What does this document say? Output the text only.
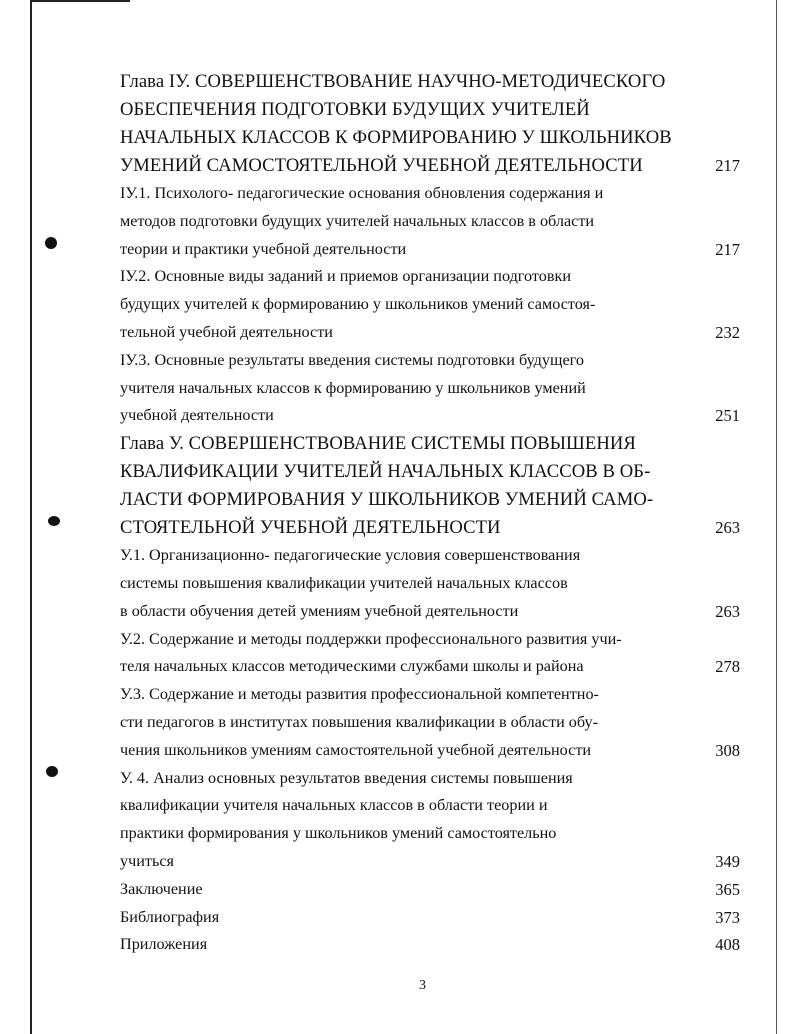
Глава IУ. СОВЕРШЕНСТВОВАНИЕ НАУЧНО-МЕТОДИЧЕСКОГО
ОБЕСПЕЧЕНИЯ ПОДГОТОВКИ БУДУЩИХ УЧИТЕЛЕЙ
НАЧАЛЬНЫХ КЛАССОВ К ФОРМИРОВАНИЮ У ШКОЛЬНИКОВ
УМЕНИЙ САМОСТОЯТЕЛЬНОЙ УЧЕБНОЙ ДЕЯТЕЛЬНОСТИ	217
IУ.1. Психолого- педагогические основания обновления содержания и
методов подготовки будущих учителей начальных классов в области
теории и практики учебной деятельности	217
IУ.2. Основные виды заданий и приемов организации подготовки
будущих учителей к формированию у школьников умений самостоя-
тельной учебной деятельности	232
IУ.3. Основные результаты введения системы подготовки будущего
учителя начальных классов к формированию у школьников умений
учебной деятельности	251
Глава У. СОВЕРШЕНСТВОВАНИЕ СИСТЕМЫ ПОВЫШЕНИЯ
КВАЛИФИКАЦИИ УЧИТЕЛЕЙ НАЧАЛЬНЫХ КЛАССОВ В ОБ-
ЛАСТИ ФОРМИРОВАНИЯ У ШКОЛЬНИКОВ УМЕНИЙ САМО-
СТОЯТЕЛЬНОЙ УЧЕБНОЙ ДЕЯТЕЛЬНОСТИ	263
У.1. Организационно- педагогические условия совершенствования
системы повышения квалификации учителей начальных классов
в области обучения детей умениям учебной деятельности	263
У.2. Содержание и методы поддержки профессионального развития учи-
теля начальных классов методическими службами школы и района	278
У.3. Содержание и методы развития профессиональной компетентно-
сти педагогов в институтах повышения квалификации в области обу-
чения школьников умениям самостоятельной учебной деятельности	308
У. 4. Анализ основных результатов введения системы повышения
квалификации учителя начальных классов в области теории и
практики формирования у школьников умений самостоятельно
учиться	349
Заключение	365
Библиография	373
Приложения	408
3
